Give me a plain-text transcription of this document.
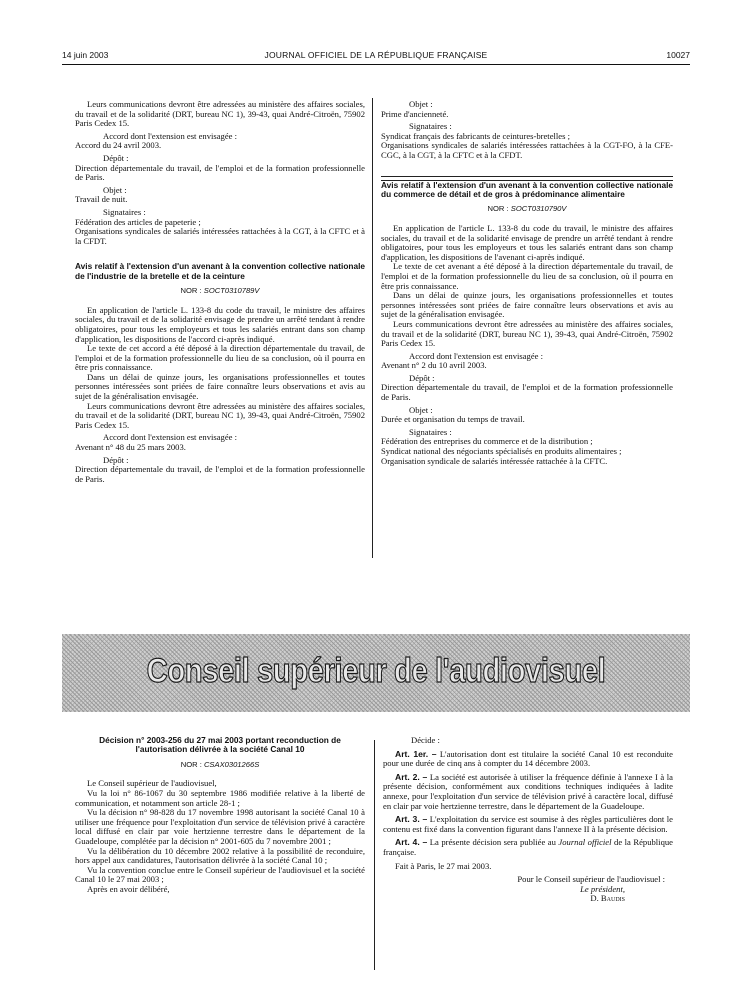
14 juin 2003	JOURNAL OFFICIEL DE LA RÉPUBLIQUE FRANÇAISE	10027

Leurs communications devront être adressées au ministère des affaires sociales, du travail et de la solidarité (DRT, bureau NC 1), 39-43, quai André-Citroën, 75902 Paris Cedex 15.

Accord dont l'extension est envisagée :

Accord du 24 avril 2003.

Dépôt :

Direction départementale du travail, de l'emploi et de la formation professionnelle de Paris.

Objet :

Travail de nuit.

Signataires :

Fédération des articles de papeterie ;

Organisations syndicales de salariés intéressées rattachées à la CGT, à la CFTC et à la CFDT.

Avis relatif à l'extension d'un avenant à la convention collective nationale de l'industrie de la bretelle et de la ceinture

NOR : SOCT0310789V

En application de l'article L. 133-8 du code du travail, le ministre des affaires sociales, du travail et de la solidarité envisage de prendre un arrêté tendant à rendre obligatoires, pour tous les employeurs et tous les salariés entrant dans son champ d'application, les dispositions de l'accord ci-après indiqué.

Le texte de cet accord a été déposé à la direction départementale du travail, de l'emploi et de la formation professionnelle du lieu de sa conclusion, où il pourra en être pris connaissance.

Dans un délai de quinze jours, les organisations professionnelles et toutes personnes intéressées sont priées de faire connaître leurs observations et avis au sujet de la généralisation envisagée.

Leurs communications devront être adressées au ministère des affaires sociales, du travail et de la solidarité (DRT, bureau NC 1), 39-43, quai André-Citroën, 75902 Paris Cedex 15.

Accord dont l'extension est envisagée :

Avenant n° 48 du 25 mars 2003.

Dépôt :

Direction départementale du travail, de l'emploi et de la formation professionnelle de Paris.

Objet :

Prime d'ancienneté.

Signataires :

Syndicat français des fabricants de ceintures-bretelles ;

Organisations syndicales de salariés intéressées rattachées à la CGT-FO, à la CFE-CGC, à la CGT, à la CFTC et à la CFDT.

Avis relatif à l'extension d'un avenant à la convention collective nationale du commerce de détail et de gros à prédominance alimentaire

NOR : SOCT0310790V

En application de l'article L. 133-8 du code du travail, le ministre des affaires sociales, du travail et de la solidarité envisage de prendre un arrêté tendant à rendre obligatoires, pour tous les employeurs et tous les salariés entrant dans son champ d'application, les dispositions de l'avenant ci-après indiqué.

Le texte de cet avenant a été déposé à la direction départementale du travail, de l'emploi et de la formation professionnelle du lieu de sa conclusion, où il pourra en être pris connaissance.

Dans un délai de quinze jours, les organisations professionnelles et toutes personnes intéressées sont priées de faire connaître leurs observations et avis au sujet de la généralisation envisagée.

Leurs communications devront être adressées au ministère des affaires sociales, du travail et de la solidarité (DRT, bureau NC 1), 39-43, quai André-Citroën, 75902 Paris Cedex 15.

Accord dont l'extension est envisagée :

Avenant n° 2 du 10 avril 2003.

Dépôt :

Direction départementale du travail, de l'emploi et de la formation professionnelle de Paris.

Objet :

Durée et organisation du temps de travail.

Signataires :

Fédération des entreprises du commerce et de la distribution ;

Syndicat national des négociants spécialisés en produits alimentaires ;

Organisation syndicale de salariés intéressée rattachée à la CFTC.

Conseil supérieur de l'audiovisuel

Décision n° 2003-256 du 27 mai 2003 portant reconduction de l'autorisation délivrée à la société Canal 10

NOR : CSAX0301266S

Le Conseil supérieur de l'audiovisuel,

Vu la loi n° 86-1067 du 30 septembre 1986 modifiée relative à la liberté de communication, et notamment son article 28-1 ;

Vu la décision n° 98-828 du 17 novembre 1998 autorisant la société Canal 10 à utiliser une fréquence pour l'exploitation d'un service de télévision privé à caractère local diffusé en clair par voie hertzienne terrestre dans le département de la Guadeloupe, complétée par la décision n° 2001-605 du 7 novembre 2001 ;

Vu la délibération du 10 décembre 2002 relative à la possibilité de reconduire, hors appel aux candidatures, l'autorisation délivrée à la société Canal 10 ;

Vu la convention conclue entre le Conseil supérieur de l'audiovisuel et la société Canal 10 le 27 mai 2003 ;

Après en avoir délibéré,

Décide :

Art. 1er. – L'autorisation dont est titulaire la société Canal 10 est reconduite pour une durée de cinq ans à compter du 14 décembre 2003.

Art. 2. – La société est autorisée à utiliser la fréquence définie à l'annexe I à la présente décision, conformément aux conditions techniques indiquées à ladite annexe, pour l'exploitation d'un service de télévision privé à caractère local, diffusé en clair par voie hertzienne terrestre, dans le département de la Guadeloupe.

Art. 3. – L'exploitation du service est soumise à des règles particulières dont le contenu est fixé dans la convention figurant dans l'annexe II à la présente décision.

Art. 4. – La présente décision sera publiée au Journal officiel de la République française.

Fait à Paris, le 27 mai 2003.

Pour le Conseil supérieur de l'audiovisuel :

Le président,

D. Baudis
